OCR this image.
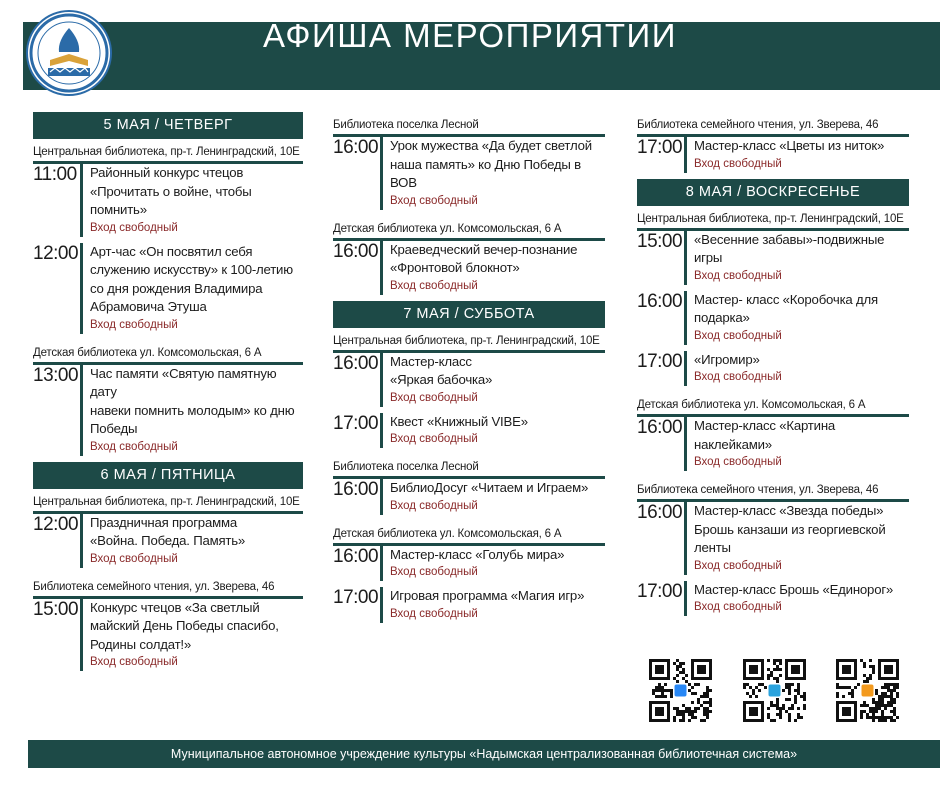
АФИША МЕРОПРИЯТИЙ
5 МАЯ / ЧЕТВЕРГ
Центральная библиотека, пр-т. Ленинградский, 10Е
11:00 Районный конкурс чтецов
«Прочитать о войне, чтобы помнить»
Вход свободный
12:00 Арт-час «Он посвятил себя
служению искусству» к 100-летию
со дня рождения Владимира
Абрамовича Этуша
Вход свободный
Детская библиотека ул. Комсомольская, 6 А
13:00 Час памяти «Святую памятную дату
навеки помнить молодым» ко дню
Победы
Вход свободный
6 МАЯ / ПЯТНИЦА
Центральная библиотека, пр-т. Ленинградский, 10Е
12:00 Праздничная программа
«Война. Победа. Память»
Вход свободный
Библиотека семейного чтения, ул. Зверева, 46
15:00 Конкурс чтецов «За светлый
майский День Победы спасибо,
Родины солдат!»
Вход свободный
Библиотека поселка Лесной
16:00 Урок мужества «Да будет светлой
наша память» ко Дню Победы в ВОВ
Вход свободный
Детская библиотека ул. Комсомольская, 6 А
16:00 Краеведческий вечер-познание
«Фронтовой блокнот»
Вход свободный
7 МАЯ / СУББОТА
Центральная библиотека, пр-т. Ленинградский, 10Е
16:00 Мастер-класс
«Яркая бабочка»
Вход свободный
17:00 Квест «Книжный VIBE»
Вход свободный
Библиотека поселка Лесной
16:00 БиблиоДосуг «Читаем и Играем»
Вход свободный
Детская библиотека ул. Комсомольская, 6 А
16:00 Мастер-класс «Голубь мира»
Вход свободный
17:00 Игровая программа «Магия игр»
Вход свободный
Библиотека семейного чтения, ул. Зверева, 46
17:00 Мастер-класс «Цветы из ниток»
Вход свободный
8 МАЯ / ВОСКРЕСЕНЬЕ
Центральная библиотека, пр-т. Ленинградский, 10Е
15:00 «Весенние забавы»-подвижные игры
Вход свободный
16:00 Мастер- класс «Коробочка для
подарка»
Вход свободный
17:00 «Игромир»
Вход свободный
Детская библиотека ул. Комсомольская, 6 А
16:00 Мастер-класс «Картина наклейками»
Вход свободный
Библиотека семейного чтения, ул. Зверева, 46
16:00 Мастер-класс «Звезда победы»
Брошь канзаши из георгиевской
ленты
Вход свободный
17:00 Мастер-класс Брошь «Единорог»
Вход свободный
Муниципальное автономное учреждение культуры «Надымская централизованная библиотечная система»
